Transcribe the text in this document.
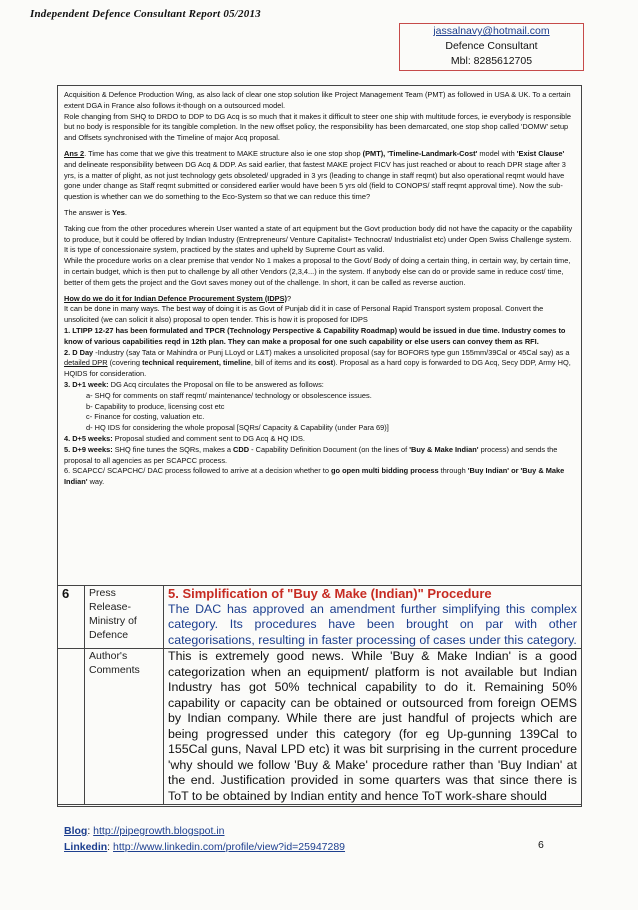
Independent Defence Consultant Report 05/2013
jassalnavy@hotmail.com
Defence Consultant
Mbl: 8285612705

Acquisition & Defence Production Wing, as also lack of clear one stop solution like Project Management Team (PMT) as followed in USA & UK. To a certain extent DGA in France also follows it-though on a outsourced model.
Role changing from SHQ to DRDO to DDP to DG Acq is so much that it makes it difficult to steer one ship with multitude forces, ie everybody is responsible but no body is responsible for its tangible completion. In the new offset policy, the responsibility has been demarcated, one stop shop called 'DOMW' setup and Offsets synchronised with the Timeline of major Acq proposal.

Ans 2. Time has come that we give this treatment to MAKE structure also ie one stop shop (PMT), 'Timeline-Landmark-Cost' model with 'Exist Clause' and delineate responsibility between DG Acq & DDP. As said earlier, that fastest MAKE project FICV has just reached or about to reach DPR stage after 3 yrs, is a matter of plight, as not just technology gets obsoleted/ upgraded in 3 yrs (leading to change in staff reqmt) but also operational reqmt would have gone under change as Staff reqmt submitted or considered earlier would have been 5 yrs old (field to CONOPS/ staff reqmt approval time). Now the sub-question is whether can we do something to the Eco-System so that we can reduce this time?

The answer is Yes.

Taking cue from the other procedures wherein User wanted a state of art equipment but the Govt production body did not have the capacity or the capability to produce, but it could be offered by Indian Industry (Entrepreneurs/ Venture Capitalist+ Technocrat/ Industrialist etc) under Open Swiss Challenge system. It is type of concessionaire system, practiced by the states and upheld by Supreme Court as valid.
While the procedure works on a clear premise that vendor No 1 makes a proposal to the Govt/ Body of doing a certain thing, in certain way, by certain time, in certain budget, which is then put to challenge by all other Vendors (2,3,4...) in the system. If anybody else can do or provide same in reduce cost/ time, better of them gets the project and the Govt saves money out of the challenge. In short, it can be called as reverse auction.

How do we do it for Indian Defence Procurement System (IDPS)?
It can be done in many ways. The best way of doing it is as Govt of Punjab did it in case of Personal Rapid Transport system proposal. Convert the unsolicited (we can solicit it also) proposal to open tender. This is how it is proposed for IDPS
1. LTIPP 12-27 has been formulated and TPCR (Technology Perspective & Capability Roadmap) would be issued in due time. Industry comes to know of various capabilities reqd in 12th plan. They can make a proposal for one such capability or else users can convey them as RFI.
2. D Day -Industry (say Tata or Mahindra or Punj LLoyd or L&T) makes a unsolicited proposal (say for BOFORS type gun 155mm/39Cal or 45Cal say) as a detailed DPR (covering technical requirement, timeline, bill of items and its cost). Proposal as a hard copy is forwarded to DG Acq, Secy DDP, Army HQ, HQIDS for consideration.
3. D+1 week: DG Acq circulates the Proposal on file to be answered as follows:
a- SHQ for comments on staff reqmt/ maintenance/ technology or obsolescence issues.
b- Capability to produce, licensing cost etc
c- Finance for costing, valuation etc.
d- HQ IDS for considering the whole proposal [SQRs/ Capacity & Capability (under Para 69)]
4. D+5 weeks: Proposal studied and comment sent to DG Acq & HQ IDS.
5. D+9 weeks: SHQ fine tunes the SQRs, makes a CDD - Capability Definition Document (on the lines of 'Buy & Make Indian' process) and sends the proposal to all agencies as per SCAPCC process.
6. SCAPCC/ SCAPCHC/ DAC process followed to arrive at a decision whether to go open multi bidding process through 'Buy Indian' or 'Buy & Make Indian' way.

6	Press Release-Ministry of Defence	5. Simplification of "Buy & Make (Indian)" Procedure
The DAC has approved an amendment further simplifying this complex category. Its procedures have been brought on par with other categorisations, resulting in faster processing of cases under this category.

	Author's Comments	This is extremely good news. While 'Buy & Make Indian' is a good categorization when an equipment/ platform is not available but Indian Industry has got 50% technical capability to do it. Remaining 50% capability or capacity can be obtained or outsourced from foreign OEMS by Indian company. While there are just handful of projects which are being progressed under this category (for eg Up-gunning 139Cal to 155Cal guns, Naval LPD etc) it was bit surprising in the current procedure 'why should we follow 'Buy & Make' procedure rather than 'Buy Indian' at the end. Justification provided in some quarters was that since there is ToT to be obtained by Indian entity and hence ToT work-share should
Blog: http://pipegrowth.blogspot.in
Linkedin: http://www.linkedin.com/profile/view?id=25947289	6
